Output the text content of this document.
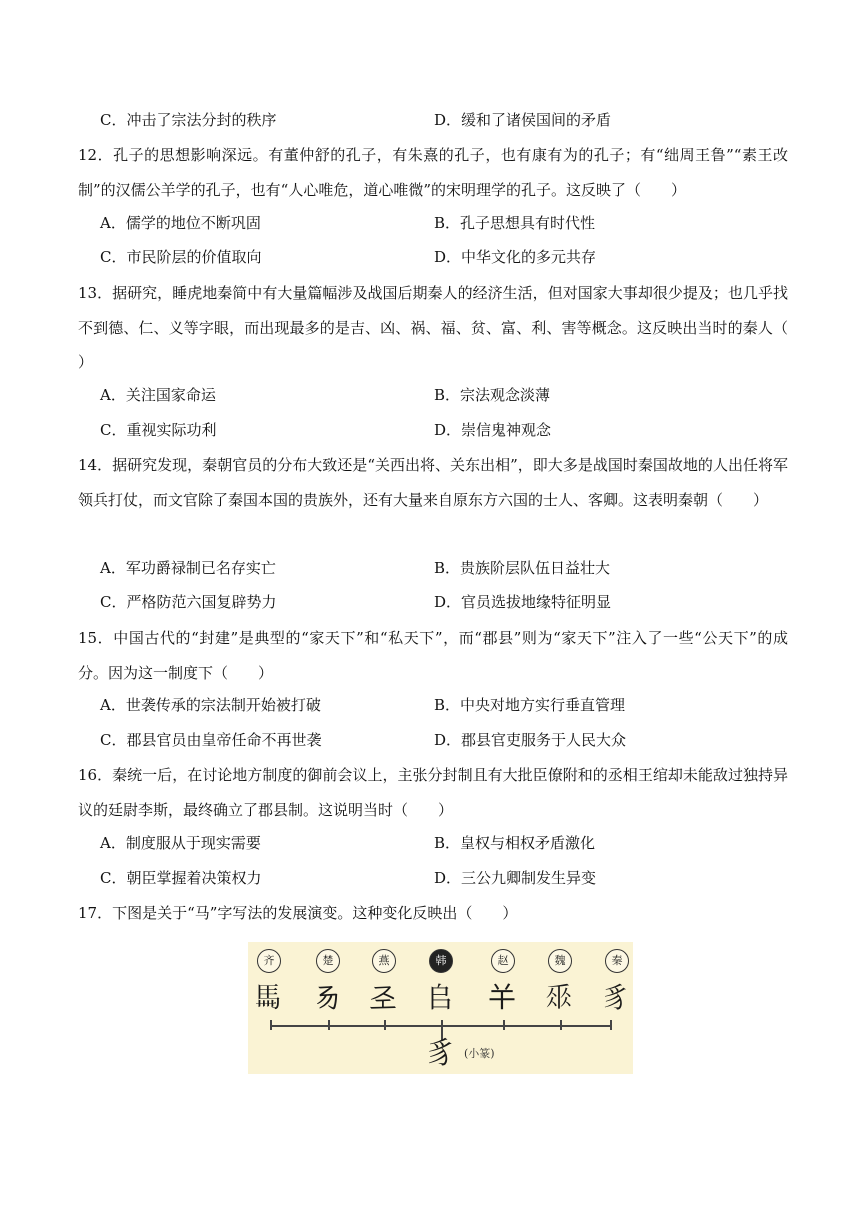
C．冲击了宗法分封的秩序	D．缓和了诸侯国间的矛盾
12．孔子的思想影响深远。有董仲舒的孔子，有朱熹的孔子，也有康有为的孔子；有“绌周王鲁”“素王改制”的汉儒公羊学的孔子，也有“人心唯危，道心唯微”的宋明理学的孔子。这反映了（　　）
A．儒学的地位不断巩固	B．孔子思想具有时代性
C．市民阶层的价值取向	D．中华文化的多元共存
13．据研究，睡虎地秦简中有大量篇幅涉及战国后期秦人的经济生活，但对国家大事却很少提及；也几乎找不到德、仁、义等字眼，而出现最多的是吉、凶、祸、福、贫、富、利、害等概念。这反映出当时的秦人（　　）
A．关注国家命运	B．宗法观念淡薄
C．重视实际功利	D．崇信鬼神观念
14．据研究发现，秦朝官员的分布大致还是“关西出将、关东出相”，即大多是战国时秦国故地的人出任将军领兵打仗，而文官除了秦国本国的贵族外，还有大量来自原东方六国的士人、客卿。这表明秦朝（　　）
A．军功爵禄制已名存实亡	B．贵族阶层队伍日益壮大
C．严格防范六国复辟势力	D．官员选拔地缘特征明显
15．中国古代的“封建”是典型的“家天下”和“私天下”，而“郡县”则为“家天下”注入了一些“公天下”的成分。因为这一制度下（　　）
A．世袭传承的宗法制开始被打破	B．中央对地方实行垂直管理
C．郡县官员由皇帝任命不再世袭	D．郡县官吏服务于人民大众
16．秦统一后，在讨论地方制度的御前会议上，主张分封制且有大批臣僚附和的丞相王绾却未能敌过独持异议的廷尉李斯，最终确立了郡县制。这说明当时（　　）
A．制度服从于现实需要	B．皇权与相权矛盾激化
C．朝臣掌握着决策权力	D．三公九卿制发生异变
17．下图是关于“马”字写法的发展演变。这种变化反映出（　　）
齐	楚	燕	韩	赵	魏	秦
𩡧 𠃓 𢀖 𠂤 𢆉 𠂹 豸
豸 (小篆)
